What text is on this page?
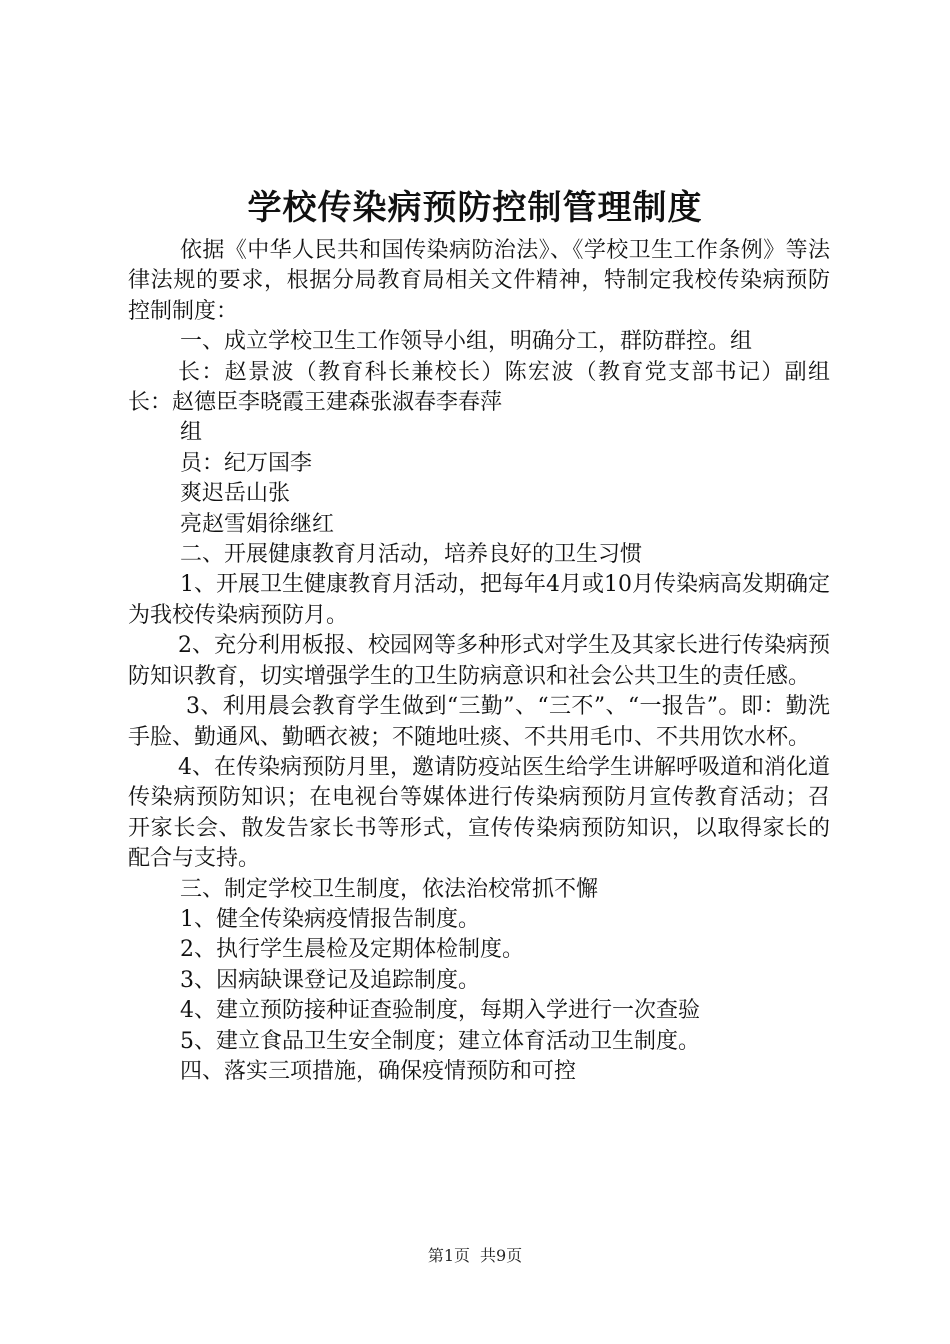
学校传染病预防控制管理制度

依据《中华人民共和国传染病防治法》、《学校卫生工作条例》等法律法规的要求，根据分局教育局相关文件精神，特制定我校传染病预防控制制度：

一、成立学校卫生工作领导小组，明确分工，群防群控。组

长：赵景波（教育科长兼校长）陈宏波（教育党支部书记）副组长：赵德臣李晓霞王建森张淑春李春萍

组

员：纪万国李

爽迟岳山张

亮赵雪娟徐继红

二、开展健康教育月活动，培养良好的卫生习惯

1、开展卫生健康教育月活动，把每年4月或10月传染病高发期确定为我校传染病预防月。

2、充分利用板报、校园网等多种形式对学生及其家长进行传染病预防知识教育，切实增强学生的卫生防病意识和社会公共卫生的责任感。

3、利用晨会教育学生做到“三勤”、“三不”、“一报告”。即：勤洗手脸、勤通风、勤晒衣被；不随地吐痰、不共用毛巾、不共用饮水杯。

4、在传染病预防月里，邀请防疫站医生给学生讲解呼吸道和消化道传染病预防知识；在电视台等媒体进行传染病预防月宣传教育活动；召开家长会、散发告家长书等形式，宣传传染病预防知识，以取得家长的配合与支持。

三、制定学校卫生制度，依法治校常抓不懈

1、健全传染病疫情报告制度。

2、执行学生晨检及定期体检制度。

3、因病缺课登记及追踪制度。

4、建立预防接种证查验制度，每期入学进行一次查验

5、建立食品卫生安全制度；建立体育活动卫生制度。

四、落实三项措施，确保疫情预防和可控

第1页 共9页
